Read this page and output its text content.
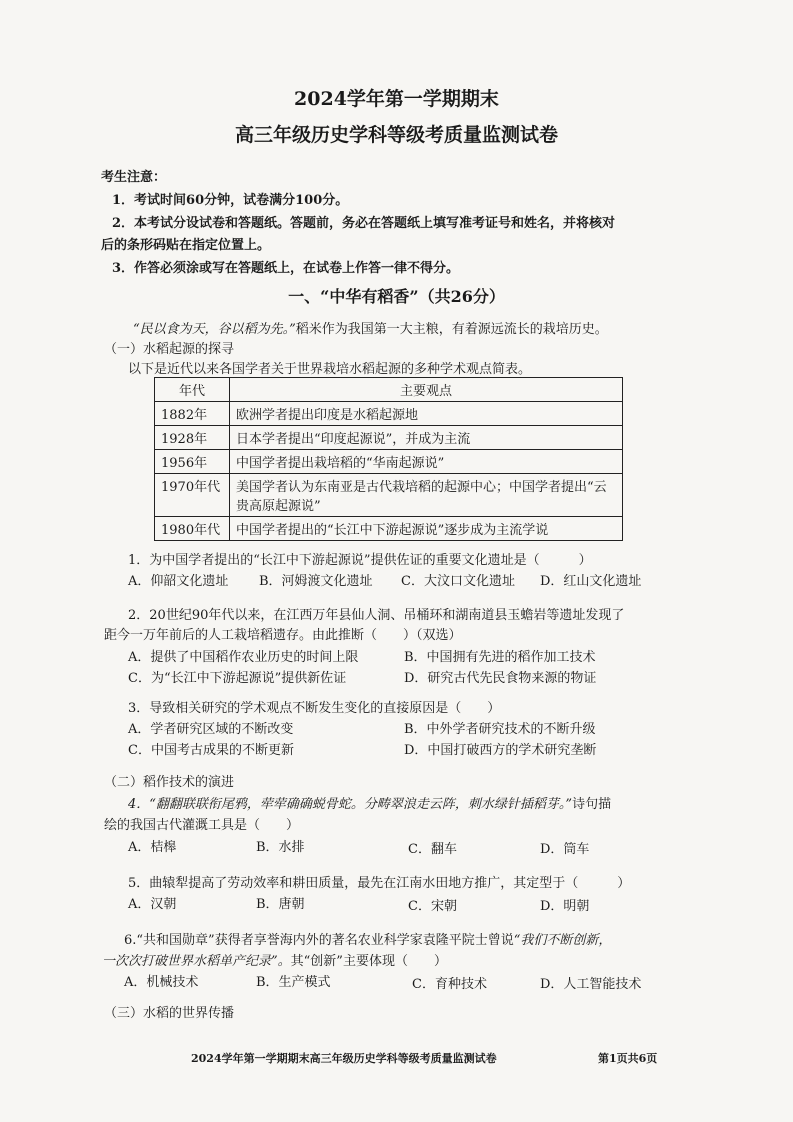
2024学年第一学期期末
高三年级历史学科等级考质量监测试卷
考生注意：
1．考试时间60分钟，试卷满分100分。
2．本考试分设试卷和答题纸。答题前，务必在答题纸上填写准考证号和姓名，并将核对
后的条形码贴在指定位置上。
3．作答必须涂或写在答题纸上，在试卷上作答一律不得分。
一、“中华有稻香”（共26分）
“民以食为天，谷以稻为先。”稻米作为我国第一大主粮，有着源远流长的栽培历史。
（一）水稻起源的探寻
以下是近代以来各国学者关于世界栽培水稻起源的多种学术观点简表。
年代	主要观点
1882年	欧洲学者提出印度是水稻起源地
1928年	日本学者提出“印度起源说”，并成为主流
1956年	中国学者提出栽培稻的“华南起源说”
1970年代	美国学者认为东南亚是古代栽培稻的起源中心；中国学者提出“云贵高原起源说”
1980年代	中国学者提出的“长江中下游起源说”逐步成为主流学说
1．为中国学者提出的“长江中下游起源说”提供佐证的重要文化遗址是（　　　）
A．仰韶文化遗址 B．河姆渡文化遗址 C．大汶口文化遗址 D．红山文化遗址
2．20世纪90年代以来，在江西万年县仙人洞、吊桶环和湖南道县玉蟾岩等遗址发现了
距今一万年前后的人工栽培稻遗存。由此推断（　　）（双选）
A．提供了中国稻作农业历史的时间上限	B．中国拥有先进的稻作加工技术
C．为“长江中下游起源说”提供新佐证	D．研究古代先民食物来源的物证
3．导致相关研究的学术观点不断发生变化的直接原因是（　　）
A．学者研究区域的不断改变	B．中外学者研究技术的不断升级
C．中国考古成果的不断更新	D．中国打破西方的学术研究垄断
（二）稻作技术的演进
4．“翻翻联联衔尾鸦，荦荦确确蜕骨蛇。分畴翠浪走云阵，刺水绿针插稻芽。”诗句描
绘的我国古代灌溉工具是（　　）
A．桔槔	B．水排	C．翻车	D．筒车
5．曲辕犁提高了劳动效率和耕田质量，最先在江南水田地方推广，其定型于（　　　）
A．汉朝	B．唐朝	C．宋朝	D．明朝
6.“共和国勋章”获得者享誉海内外的著名农业科学家袁隆平院士曾说“我们不断创新，
一次次打破世界水稻单产纪录”。其“创新”主要体现（　　）
A．机械技术	B．生产模式	C．育种技术	D．人工智能技术
（三）水稻的世界传播
2024学年第一学期期末高三年级历史学科等级考质量监测试卷	第1页共6页
